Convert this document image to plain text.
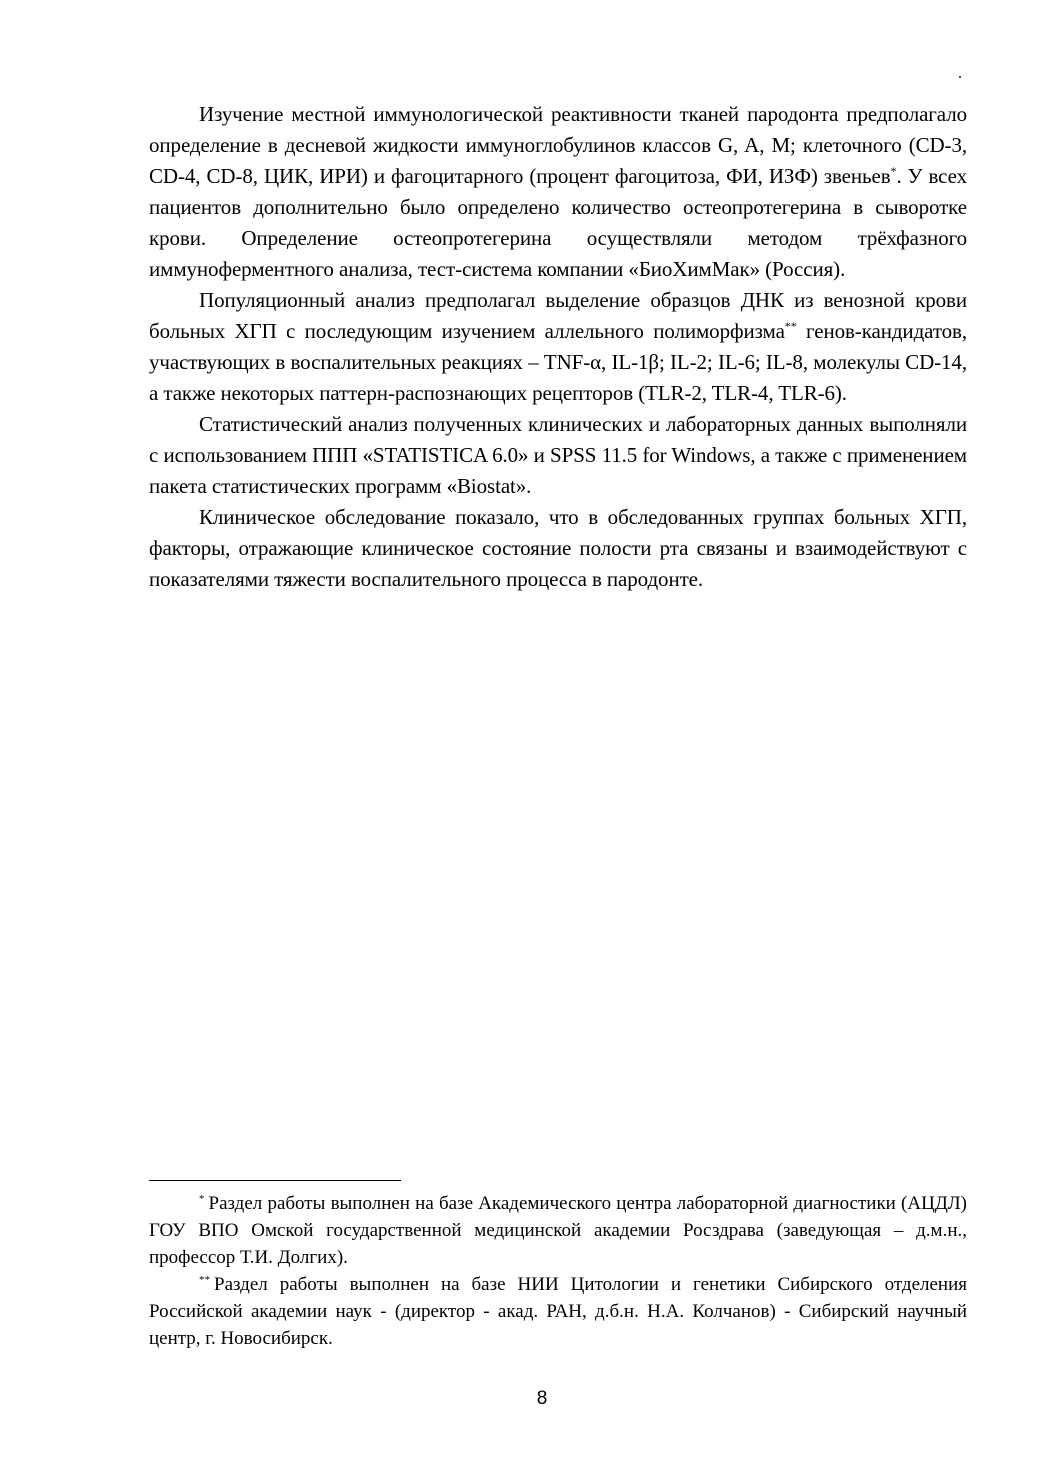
.

Изучение местной иммунологической реактивности тканей пародонта предполагало определение в десневой жидкости иммуноглобулинов классов G, A, M; клеточного (CD-3, CD-4, CD-8, ЦИК, ИРИ) и фагоцитарного (процент фагоцитоза, ФИ, ИЗФ) звеньев*. У всех пациентов дополнительно было определено количество остеопротегерина в сыворотке крови. Определение остеопротегерина осуществляли методом трёхфазного иммуноферментного анализа, тест-система компании «БиоХимМак» (Россия).

Популяционный анализ предполагал выделение образцов ДНК из венозной крови больных ХГП с последующим изучением аллельного полиморфизма** генов-кандидатов, участвующих в воспалительных реакциях – TNF-α, IL-1β; IL-2; IL-6; IL-8, молекулы CD-14, а также некоторых паттерн-распознающих рецепторов (TLR-2, TLR-4, TLR-6).

Статистический анализ полученных клинических и лабораторных данных выполняли с использованием ППП «STATISTICA 6.0» и SPSS 11.5 for Windows, а также с применением пакета статистических программ «Biostat».

Клиническое обследование показало, что в обследованных группах больных ХГП, факторы, отражающие клиническое состояние полости рта связаны и взаимодействуют с показателями тяжести воспалительного процесса в пародонте.

* Раздел работы выполнен на базе Академического центра лабораторной диагностики (АЦДЛ) ГОУ ВПО Омской государственной медицинской академии Росздрава (заведующая – д.м.н., профессор Т.И. Долгих).

** Раздел работы выполнен на базе НИИ Цитологии и генетики Сибирского отделения Российской академии наук - (директор - акад. РАН, д.б.н. Н.А. Колчанов) - Сибирский научный центр, г. Новосибирск.

8
